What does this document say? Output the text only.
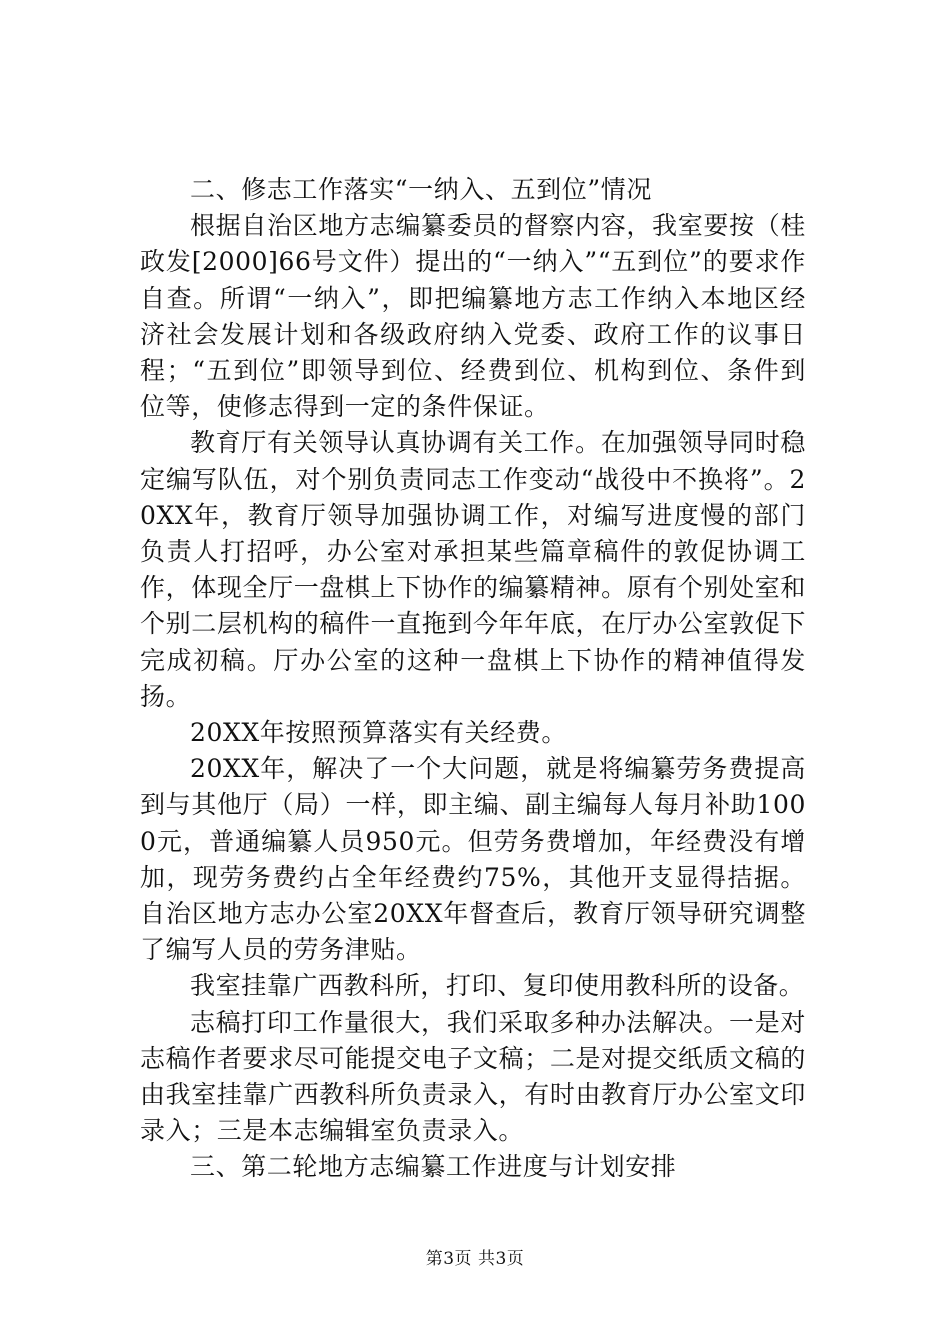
二、修志工作落实“一纳入、五到位”情况

根据自治区地方志编纂委员的督察内容，我室要按（桂政发[2000]66号文件）提出的“一纳入”“五到位”的要求作自查。所谓“一纳入”，即把编纂地方志工作纳入本地区经济社会发展计划和各级政府纳入党委、政府工作的议事日程；“五到位”即领导到位、经费到位、机构到位、条件到位等，使修志得到一定的条件保证。

教育厅有关领导认真协调有关工作。在加强领导同时稳定编写队伍，对个别负责同志工作变动“战役中不换将”。20XX年，教育厅领导加强协调工作，对编写进度慢的部门负责人打招呼，办公室对承担某些篇章稿件的敦促协调工作，体现全厅一盘棋上下协作的编纂精神。原有个别处室和个别二层机构的稿件一直拖到今年年底，在厅办公室敦促下完成初稿。厅办公室的这种一盘棋上下协作的精神值得发扬。

20XX年按照预算落实有关经费。

20XX年，解决了一个大问题，就是将编纂劳务费提高到与其他厅（局）一样，即主编、副主编每人每月补助1000元，普通编纂人员950元。但劳务费增加，年经费没有增加，现劳务费约占全年经费约75%，其他开支显得拮据。自治区地方志办公室20XX年督查后，教育厅领导研究调整了编写人员的劳务津贴。

我室挂靠广西教科所，打印、复印使用教科所的设备。

志稿打印工作量很大，我们采取多种办法解决。一是对志稿作者要求尽可能提交电子文稿；二是对提交纸质文稿的由我室挂靠广西教科所负责录入，有时由教育厅办公室文印录入；三是本志编辑室负责录入。

三、第二轮地方志编纂工作进度与计划安排

第3页 共3页
